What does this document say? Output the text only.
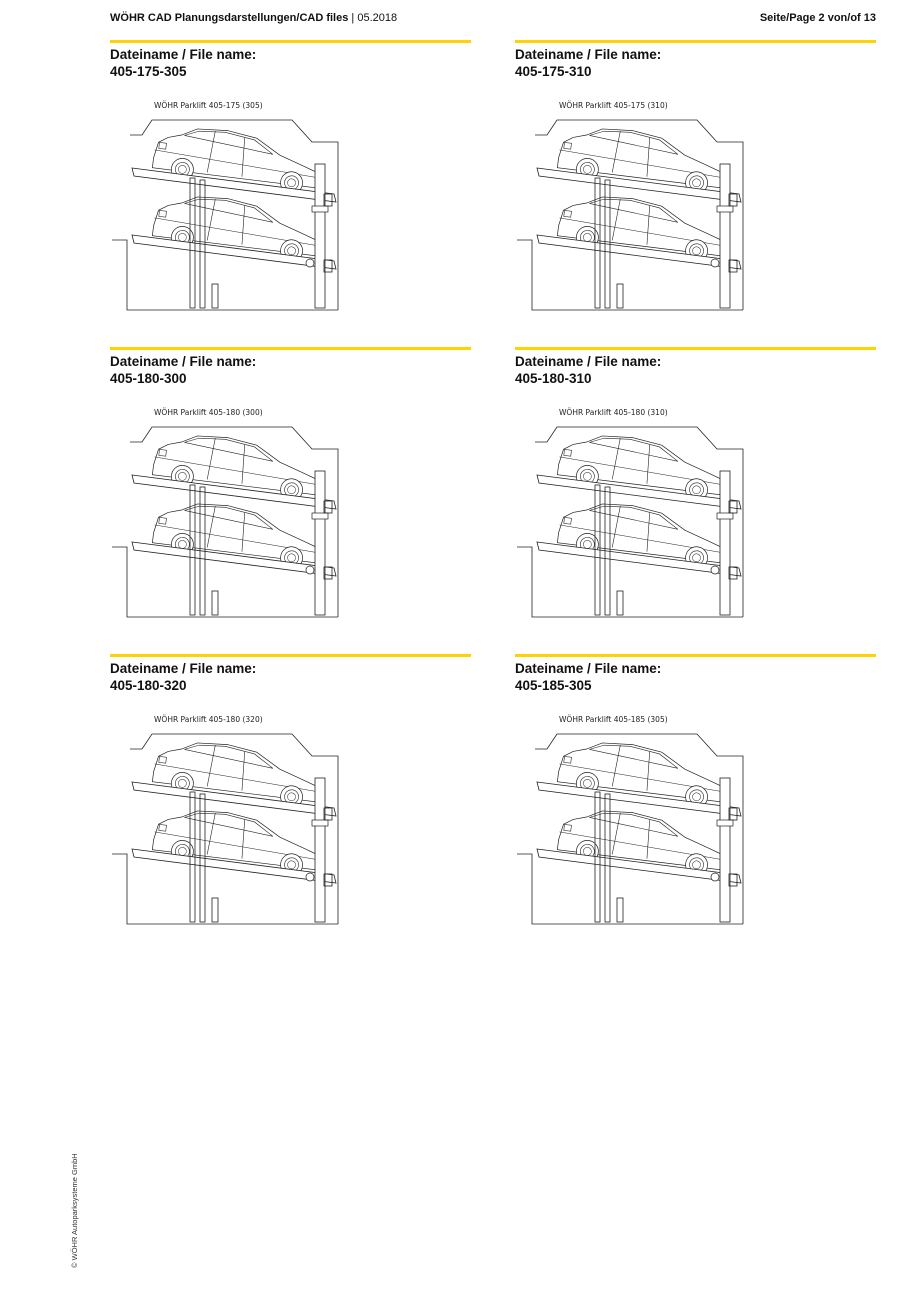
WÖHR CAD Planungsdarstellungen/CAD files | 05.2018	Seite/Page 2 von/of 13
Dateiname / File name:
405-175-305
WÖHR Parklift 405-175 (305)
Dateiname / File name:
405-175-310
WÖHR Parklift 405-175 (310)
Dateiname / File name:
405-180-300
WÖHR Parklift 405-180 (300)
Dateiname / File name:
405-180-310
WÖHR Parklift 405-180 (310)
Dateiname / File name:
405-180-320
WÖHR Parklift 405-180 (320)
Dateiname / File name:
405-185-305
WÖHR Parklift 405-185 (305)
© WÖHR Autoparksysteme GmbH
